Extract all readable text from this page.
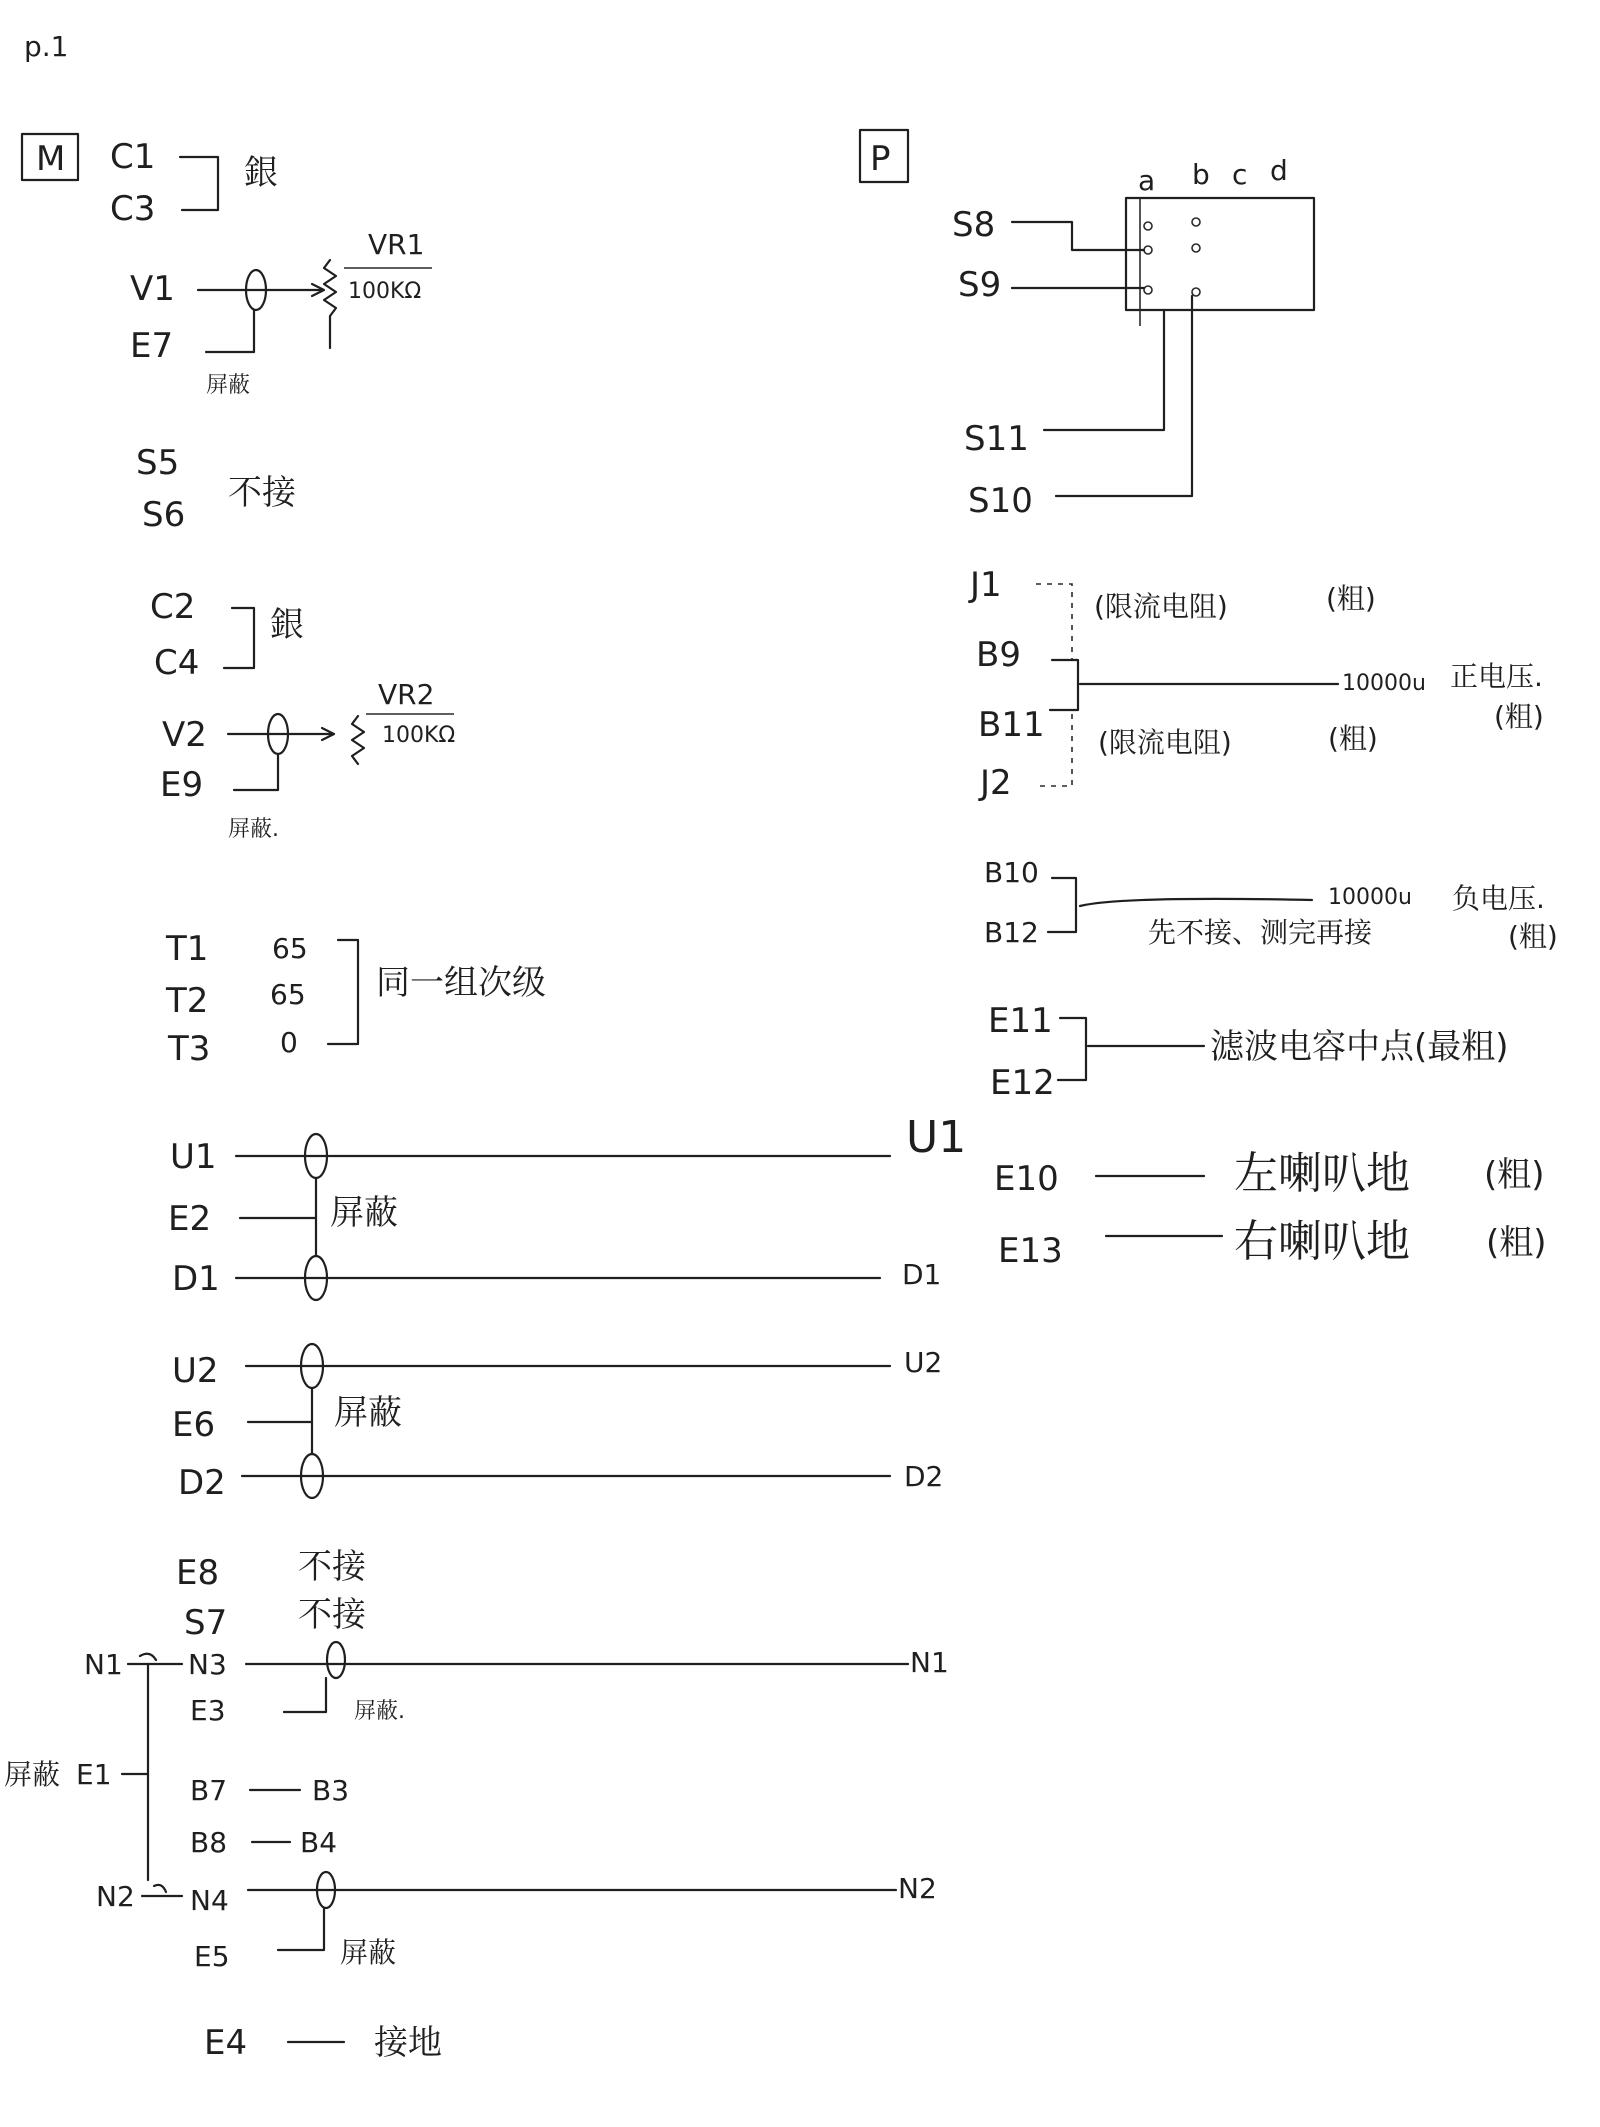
p.1
M C1
C3
銀
V1
E7
屏蔽
VR1
100KΩ
S5
S6
不接
C2
C4
銀
V2
E9
屏蔽.
VR2
100KΩ
T1 65
T2 65
T3 0
同一组次级
U1
E2
D1
屏蔽
U1
D1
U2
E6
D2
屏蔽
U2
D2
E8 不接
S7 不接
N1 N3
E3	屏蔽.
N1
屏蔽 E1	B7	B3
B8	B4
N2 N4
E5	屏蔽
N2
E4	接地
P
a b c d
S8
S9
S11
S10
J1
B9
B11
J2
(限流电阻)	(粗)
(限流电阻)	(粗)
10000u 正电压.
(粗)
B10
B12	先不接、测完再接
10000u 负电压.
(粗)
E11
E12
滤波电容中点(最粗)
E10	左喇叭地 (粗)
E13	右喇叭地 (粗)
